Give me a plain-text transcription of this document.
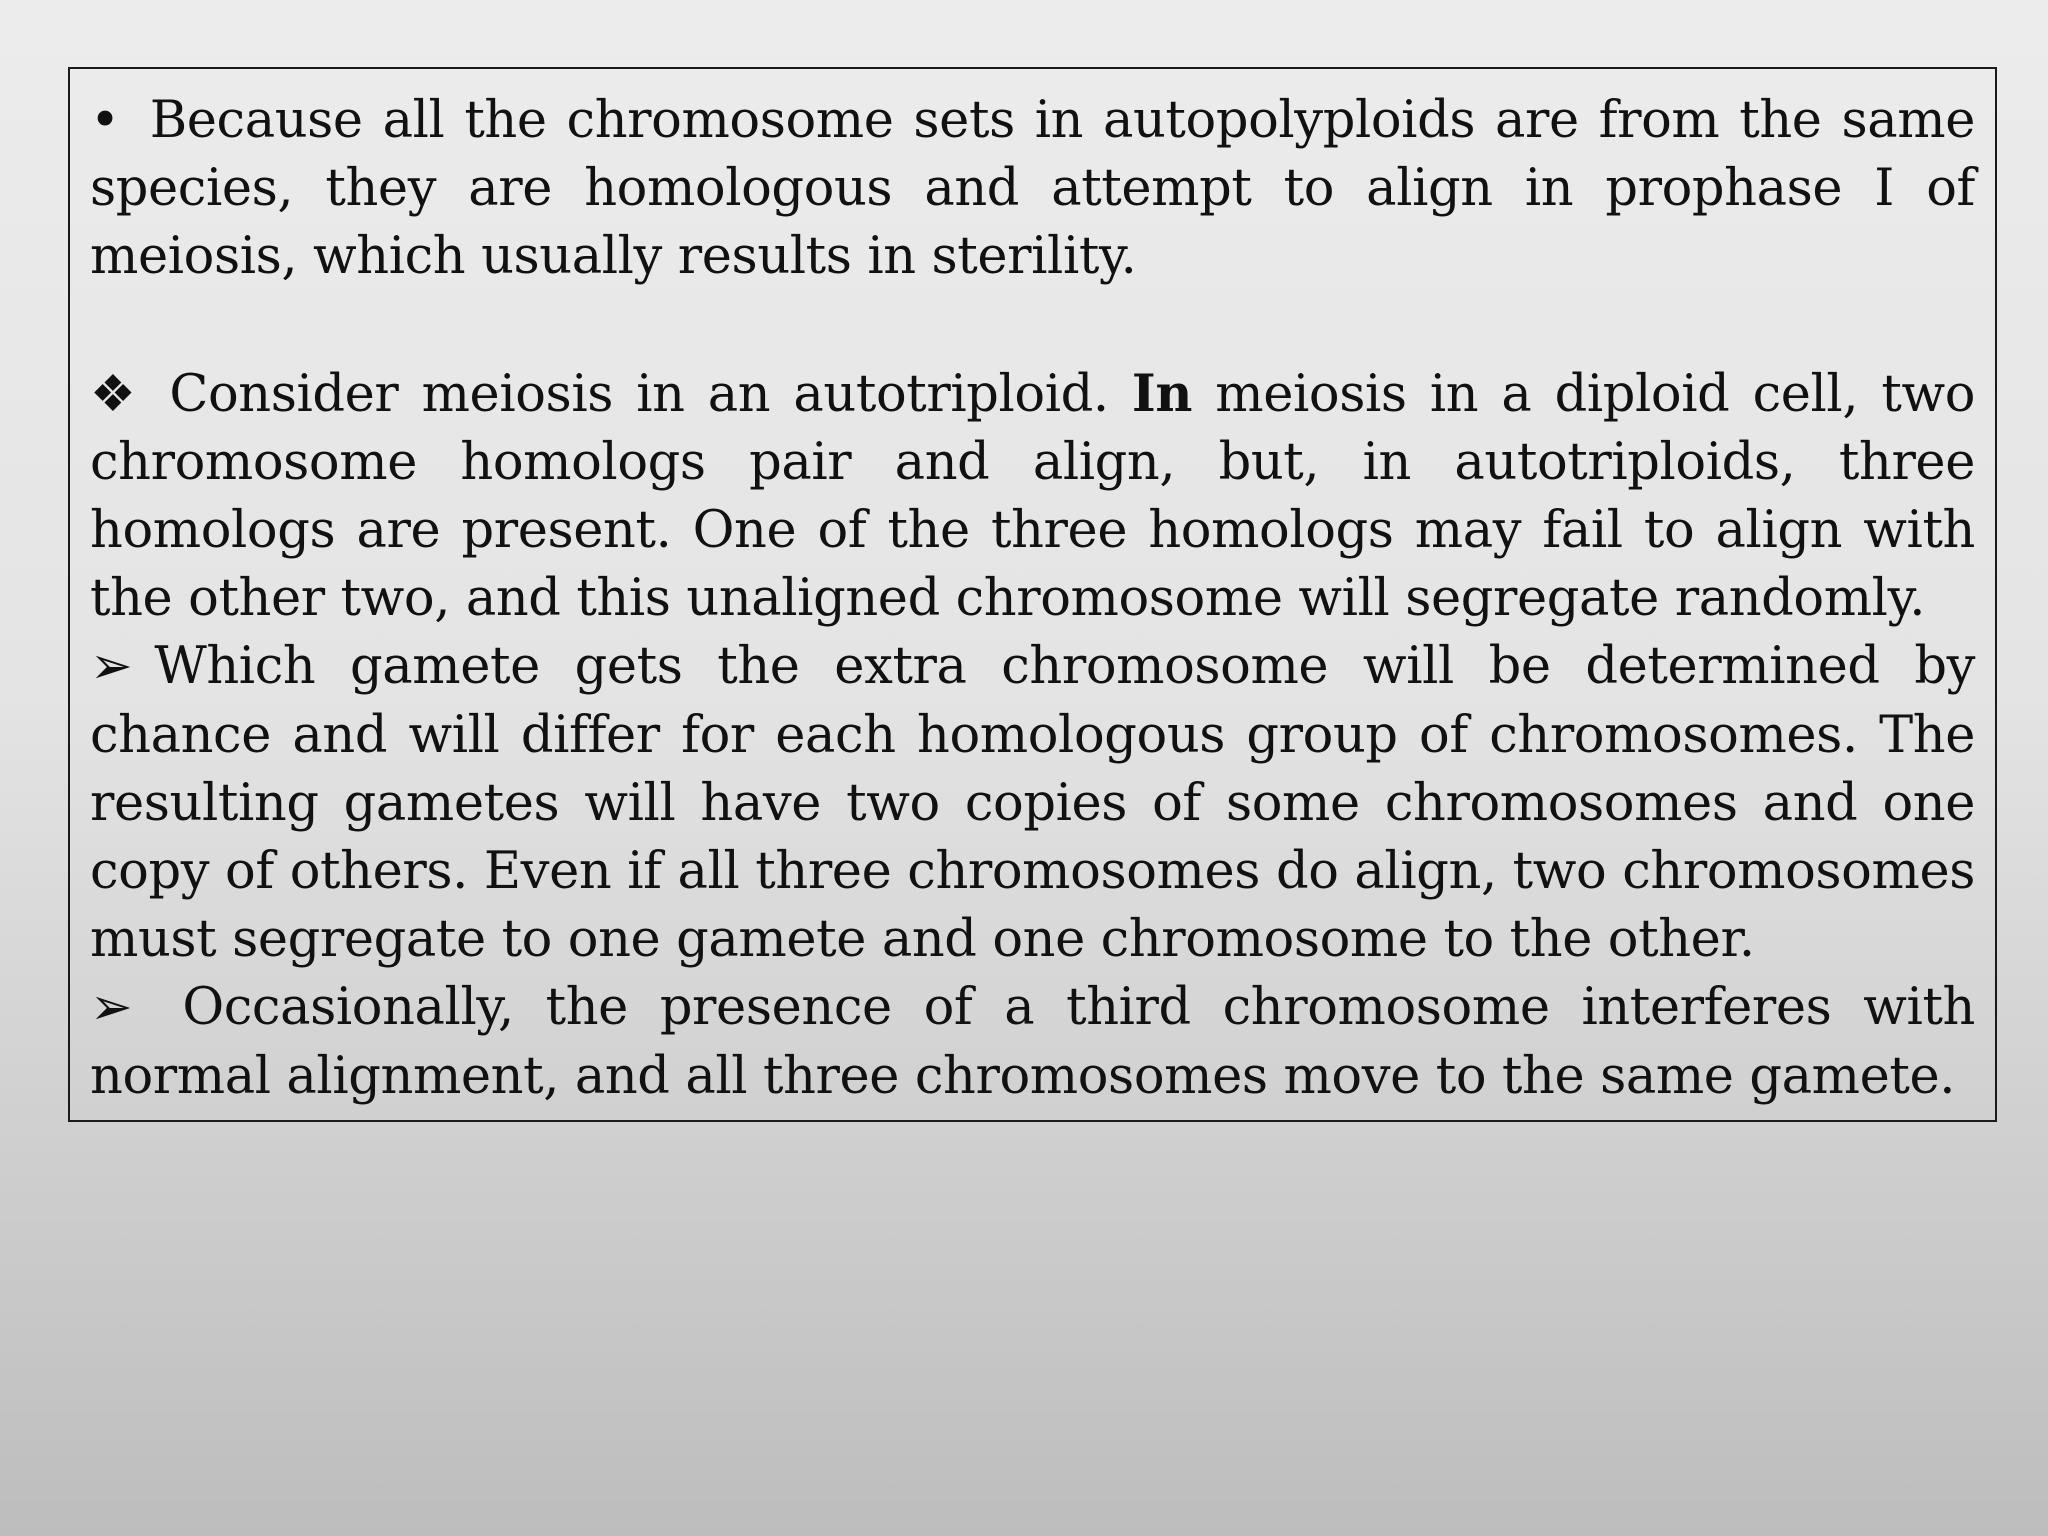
• Because all the chromosome sets in autopolyploids are from the same species, they are homologous and attempt to align in prophase I of meiosis, which usually results in sterility.

❖ Consider meiosis in an autotriploid. In meiosis in a diploid cell, two chromosome homologs pair and align, but, in autotriploids, three homologs are present. One of the three homologs may fail to align with the other two, and this unaligned chromosome will segregate randomly.

➢ Which gamete gets the extra chromosome will be determined by chance and will differ for each homologous group of chromosomes. The resulting gametes will have two copies of some chromosomes and one copy of others. Even if all three chromosomes do align, two chromosomes must segregate to one gamete and one chromosome to the other.

➢ Occasionally, the presence of a third chromosome interferes with normal alignment, and all three chromosomes move to the same gamete.
